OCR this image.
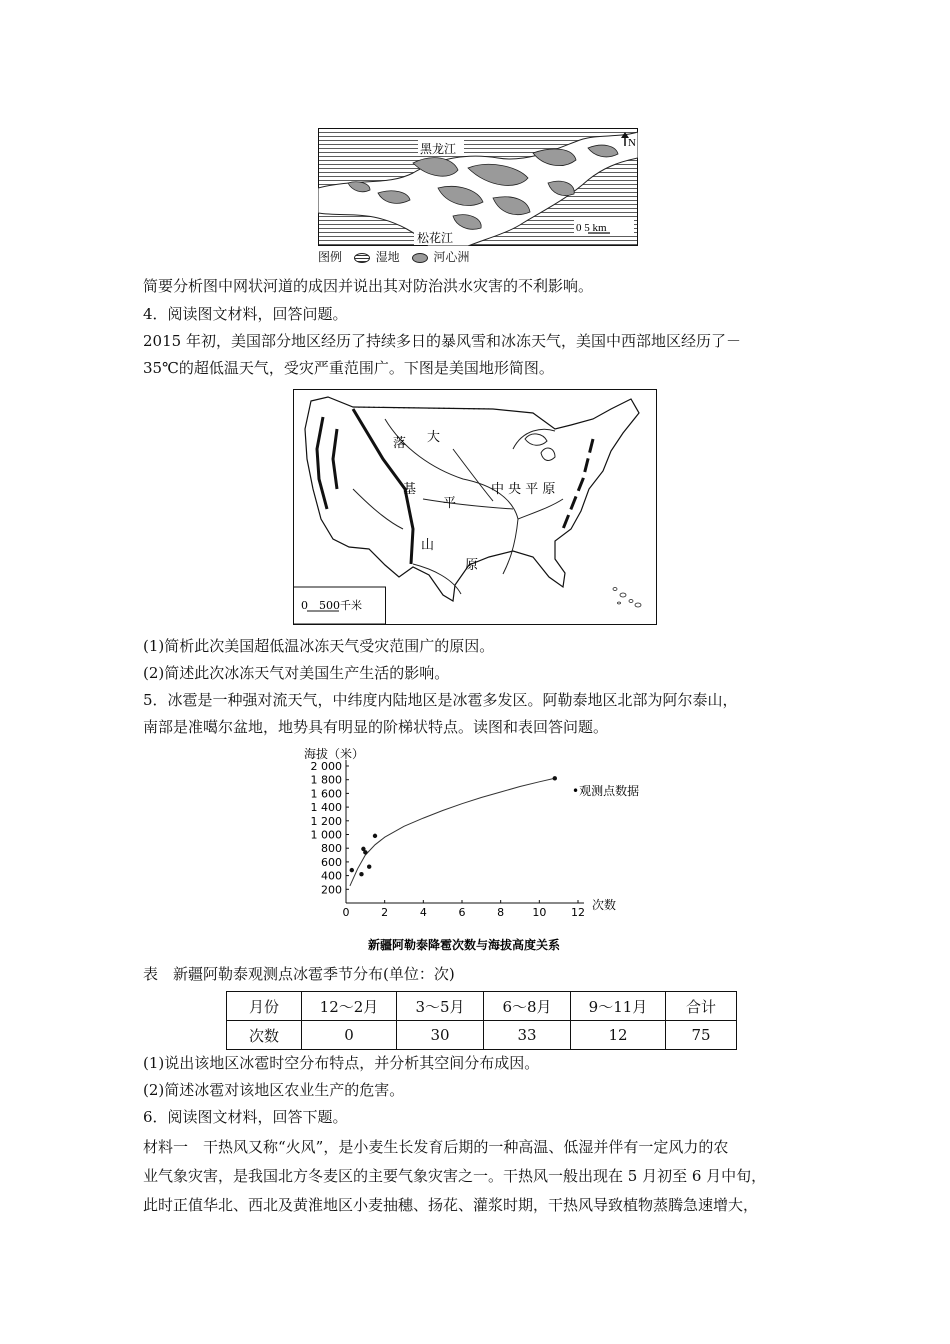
黑龙江
松花江
N
0 5 km
图例	湿地	河心洲
简要分析图中网状河道的成因并说出其对防治洪水灾害的不利影响。
4．阅读图文材料，回答问题。
2015 年初，美国部分地区经历了持续多日的暴风雪和冰冻天气，美国中西部地区经历了－
35℃的超低温天气，受灾严重范围广。下图是美国地形简图。
落 大
基
平
山
原
中 央 平 原
0　500千米
(1)简析此次美国超低温冰冻天气受灾范围广的原因。
(2)简述此次冰冻天气对美国生产生活的影响。
5．冰雹是一种强对流天气，中纬度内陆地区是冰雹多发区。阿勒泰地区北部为阿尔泰山，
南部是准噶尔盆地，地势具有明显的阶梯状特点。读图和表回答问题。
海拔（米）
次数
•观测点数据
新疆阿勒泰降雹次数与海拔高度关系
200
400
600
800
1 000
1 200
1 400
1 600
1 800
2 000
0	2	4	6	8	10 12
表　新疆阿勒泰观测点冰雹季节分布(单位：次)
月份	12～2月	3～5月	6～8月	9～11月	合计
次数	0	30	33	12	75
(1)说出该地区冰雹时空分布特点，并分析其空间分布成因。
(2)简述冰雹对该地区农业生产的危害。
6．阅读图文材料，回答下题。
材料一　干热风又称“火风”，是小麦生长发育后期的一种高温、低湿并伴有一定风力的农
业气象灾害，是我国北方冬麦区的主要气象灾害之一。干热风一般出现在 5 月初至 6 月中旬，
此时正值华北、西北及黄淮地区小麦抽穗、扬花、灌浆时期，干热风导致植物蒸腾急速增大，
